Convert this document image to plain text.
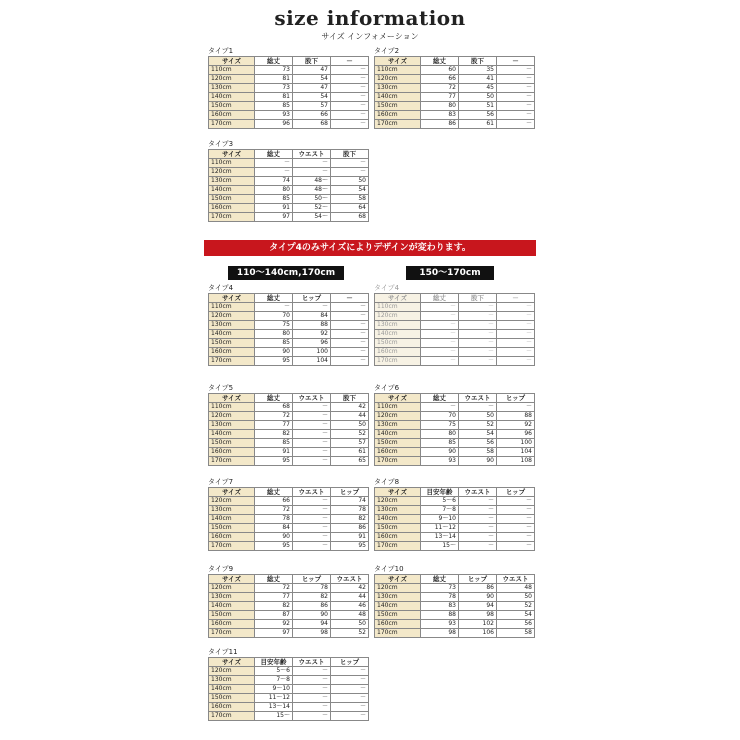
size information
サイズ インフォメーション
タイプ1
サイズ	総丈	股下	－
110cm	73	47	－
120cm	81	54	－
130cm	73	47	－
140cm	81	54	－
150cm	85	57	－
160cm	93	66	－
170cm	96	68	－
タイプ2
サイズ	総丈	股下	－
110cm	60	35	－
120cm	66	41	－
130cm	72	45	－
140cm	77	50	－
150cm	80	51	－
160cm	83	56	－
170cm	86	61	－
タイプ3
サイズ	総丈	ウエスト	股下
110cm	－	－	－
120cm	－	－	－
130cm	74	48～	50
140cm	80	48～	54
150cm	85	50～	58
160cm	91	52～	64
170cm	97	54～	68
タイプ4のみサイズによりデザインが変わります。
110～140cm,170cm	150～170cm
タイプ4
サイズ	総丈	ヒップ	－
110cm	－	－	－
120cm	70	84	－
130cm	75	88	－
140cm	80	92	－
150cm	85	96	－
160cm	90	100	－
170cm	95	104	－
タイプ4
サイズ	総丈	股下	－
110cm	－	－	－
120cm	－	－	－
130cm	－	－	－
140cm	－	－	－
150cm	－	－	－
160cm	－	－	－
170cm	－	－	－
タイプ5
サイズ	総丈	ウエスト	股下
110cm	68	－	42
120cm	72	－	44
130cm	77	－	50
140cm	82	－	52
150cm	85	－	57
160cm	91	－	61
170cm	95	－	65
タイプ6
サイズ	総丈	ウエスト	ヒップ
110cm	－	－	－
120cm	70	50	88
130cm	75	52	92
140cm	80	54	96
150cm	85	56	100
160cm	90	58	104
170cm	93	90	108
タイプ7
サイズ	総丈	ウエスト	ヒップ
120cm	66	－	74
130cm	72	－	78
140cm	78	－	82
150cm	84	－	86
160cm	90	－	91
170cm	95	－	95
タイプ8
サイズ	目安年齢	ウエスト	ヒップ
120cm	5～6	－	－
130cm	7～8	－	－
140cm	9～10	－	－
150cm	11～12	－	－
160cm	13～14	－	－
170cm	15～	－	－
タイプ9
サイズ	総丈	ヒップ	ウエスト
120cm	72	78	42
130cm	77	82	44
140cm	82	86	46
150cm	87	90	48
160cm	92	94	50
170cm	97	98	52
タイプ10
サイズ	総丈	ヒップ	ウエスト
120cm	73	86	48
130cm	78	90	50
140cm	83	94	52
150cm	88	98	54
160cm	93	102	56
170cm	98	106	58
タイプ11
サイズ	目安年齢	ウエスト	ヒップ
120cm	5～6	－	－
130cm	7～8	－	－
140cm	9～10	－	－
150cm	11～12	－	－
160cm	13～14	－	－
170cm	15～	－	－
